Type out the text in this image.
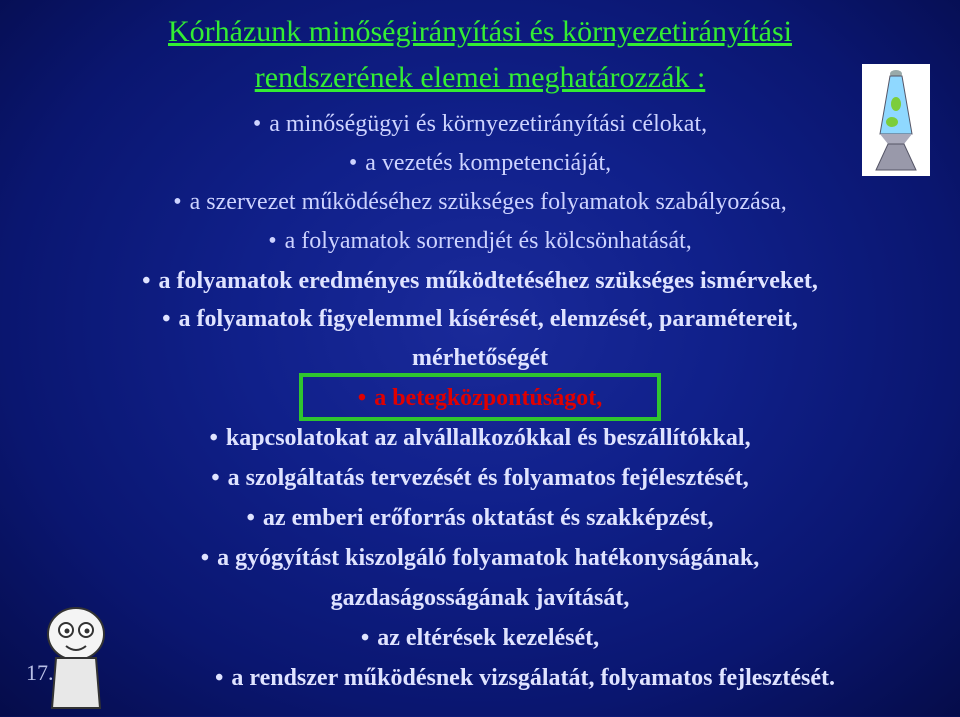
Kórházunk minőségirányítási és környezetirányítási
rendszerének elemei meghatározzák :
• a minőségügyi és környezetirányítási célokat,
• a vezetés kompetenciáját,
• a szervezet működéséhez szükséges folyamatok szabályozása,
• a folyamatok sorrendjét és kölcsönhatását,
• a folyamatok eredményes működtetéséhez szükséges ismérveket,
• a folyamatok figyelemmel kísérését, elemzését, paramétereit,
mérhetőségét
• a betegközpontúságot,
• kapcsolatokat az alvállalkozókkal és beszállítókkal,
• a szolgáltatás tervezését és folyamatos fejélesztését,
• az emberi erőforrás oktatást és szakképzést,
• a gyógyítást kiszolgáló folyamatok hatékonyságának,
gazdaságosságának javítását,
• az eltérések kezelését,
• a rendszer működésnek vizsgálatát, folyamatos fejlesztését.
17.
